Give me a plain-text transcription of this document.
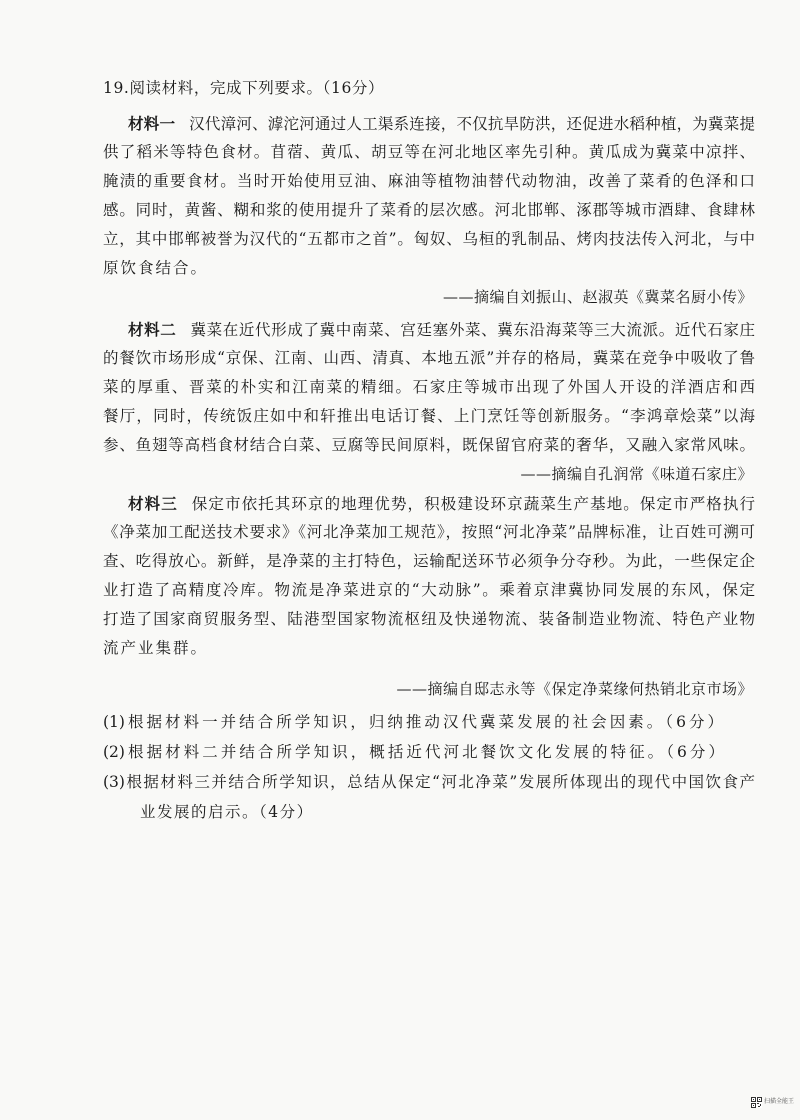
19.阅读材料，完成下列要求。（16分）
材料一 汉代漳河、滹沱河通过人工渠系连接，不仅抗旱防洪，还促进水稻种植，为冀菜提
供了稻米等特色食材。苜蓿、黄瓜、胡豆等在河北地区率先引种。黄瓜成为冀菜中凉拌、
腌渍的重要食材。当时开始使用豆油、麻油等植物油替代动物油，改善了菜肴的色泽和口
感。同时，黄酱、糊和浆的使用提升了菜肴的层次感。河北邯郸、涿郡等城市酒肆、食肆林
立，其中邯郸被誉为汉代的“五都市之首”。匈奴、乌桓的乳制品、烤肉技法传入河北，与中
原饮食结合。
——摘编自刘振山、赵淑英《冀菜名厨小传》
材料二 冀菜在近代形成了冀中南菜、宫廷塞外菜、冀东沿海菜等三大流派。近代石家庄
的餐饮市场形成“京保、江南、山西、清真、本地五派”并存的格局，冀菜在竞争中吸收了鲁
菜的厚重、晋菜的朴实和江南菜的精细。石家庄等城市出现了外国人开设的洋酒店和西
餐厅，同时，传统饭庄如中和轩推出电话订餐、上门烹饪等创新服务。“李鸿章烩菜”以海
参、鱼翅等高档食材结合白菜、豆腐等民间原料，既保留官府菜的奢华，又融入家常风味。
——摘编自孔润常《味道石家庄》
材料三 保定市依托其环京的地理优势，积极建设环京蔬菜生产基地。保定市严格执行
《净菜加工配送技术要求》《河北净菜加工规范》，按照“河北净菜”品牌标准，让百姓可溯可
查、吃得放心。新鲜，是净菜的主打特色，运输配送环节必须争分夺秒。为此，一些保定企
业打造了高精度冷库。物流是净菜进京的“大动脉”。乘着京津冀协同发展的东风，保定
打造了国家商贸服务型、陆港型国家物流枢纽及快递物流、装备制造业物流、特色产业物
流产业集群。
——摘编自邸志永等《保定净菜缘何热销北京市场》
(1)根据材料一并结合所学知识，归纳推动汉代冀菜发展的社会因素。（6分）
(2)根据材料二并结合所学知识，概括近代河北餐饮文化发展的特征。（6分）
(3)根据材料三并结合所学知识，总结从保定“河北净菜”发展所体现出的现代中国饮食产
业发展的启示。（4分）
扫描全能王
